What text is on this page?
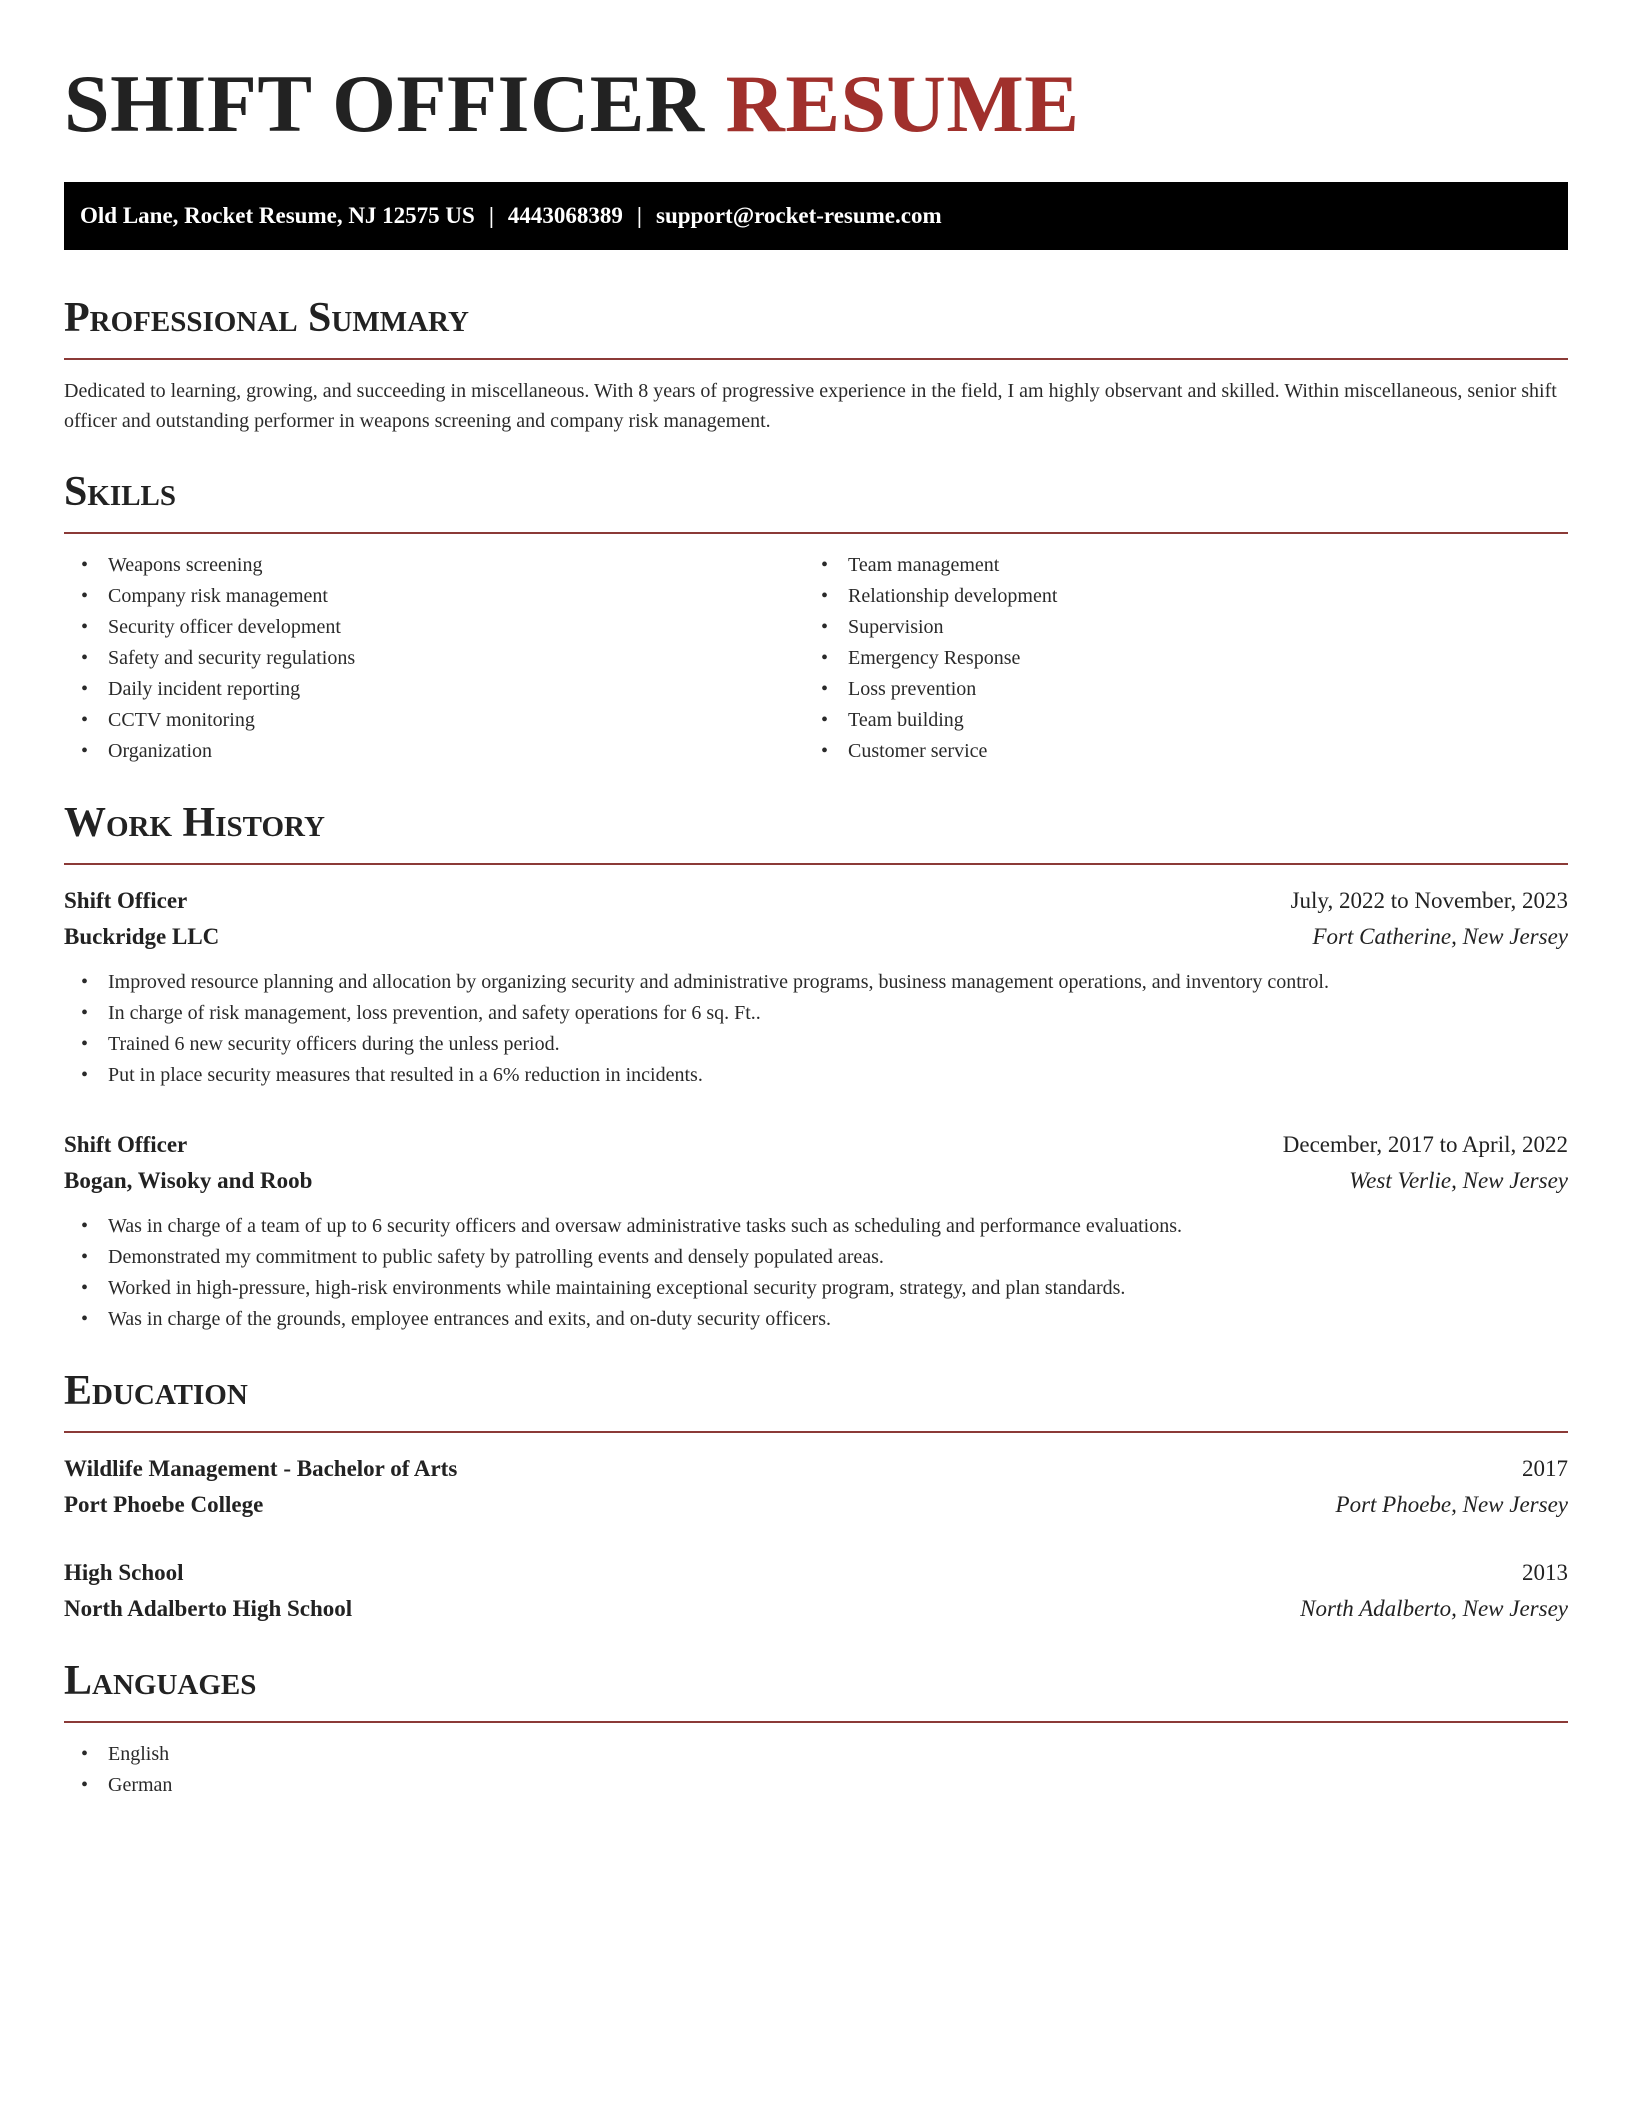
SHIFT OFFICER RESUME
Old Lane, Rocket Resume, NJ 12575 US | 4443068389 | support@rocket-resume.com
Professional Summary

Dedicated to learning, growing, and succeeding in miscellaneous. With 8 years of progressive experience in the field, I am highly observant and skilled. Within miscellaneous, senior shift officer and outstanding performer in weapons screening and company risk management.

Skills
• Weapons screening
• Company risk management
• Security officer development
• Safety and security regulations
• Daily incident reporting
• CCTV monitoring
• Organization
• Team management
• Relationship development
• Supervision
• Emergency Response
• Loss prevention
• Team building
• Customer service
Work History
Shift Officer	July, 2022 to November, 2023
Buckridge LLC	Fort Catherine, New Jersey
• Improved resource planning and allocation by organizing security and administrative programs, business management operations, and inventory control.
• In charge of risk management, loss prevention, and safety operations for 6 sq. Ft..
• Trained 6 new security officers during the unless period.
• Put in place security measures that resulted in a 6% reduction in incidents.
Shift Officer	December, 2017 to April, 2022
Bogan, Wisoky and Roob	West Verlie, New Jersey
• Was in charge of a team of up to 6 security officers and oversaw administrative tasks such as scheduling and performance evaluations.
• Demonstrated my commitment to public safety by patrolling events and densely populated areas.
• Worked in high-pressure, high-risk environments while maintaining exceptional security program, strategy, and plan standards.
• Was in charge of the grounds, employee entrances and exits, and on-duty security officers.
Education
Wildlife Management - Bachelor of Arts	2017
Port Phoebe College	Port Phoebe, New Jersey
High School	2013
North Adalberto High School	North Adalberto, New Jersey
Languages
• English
• German
